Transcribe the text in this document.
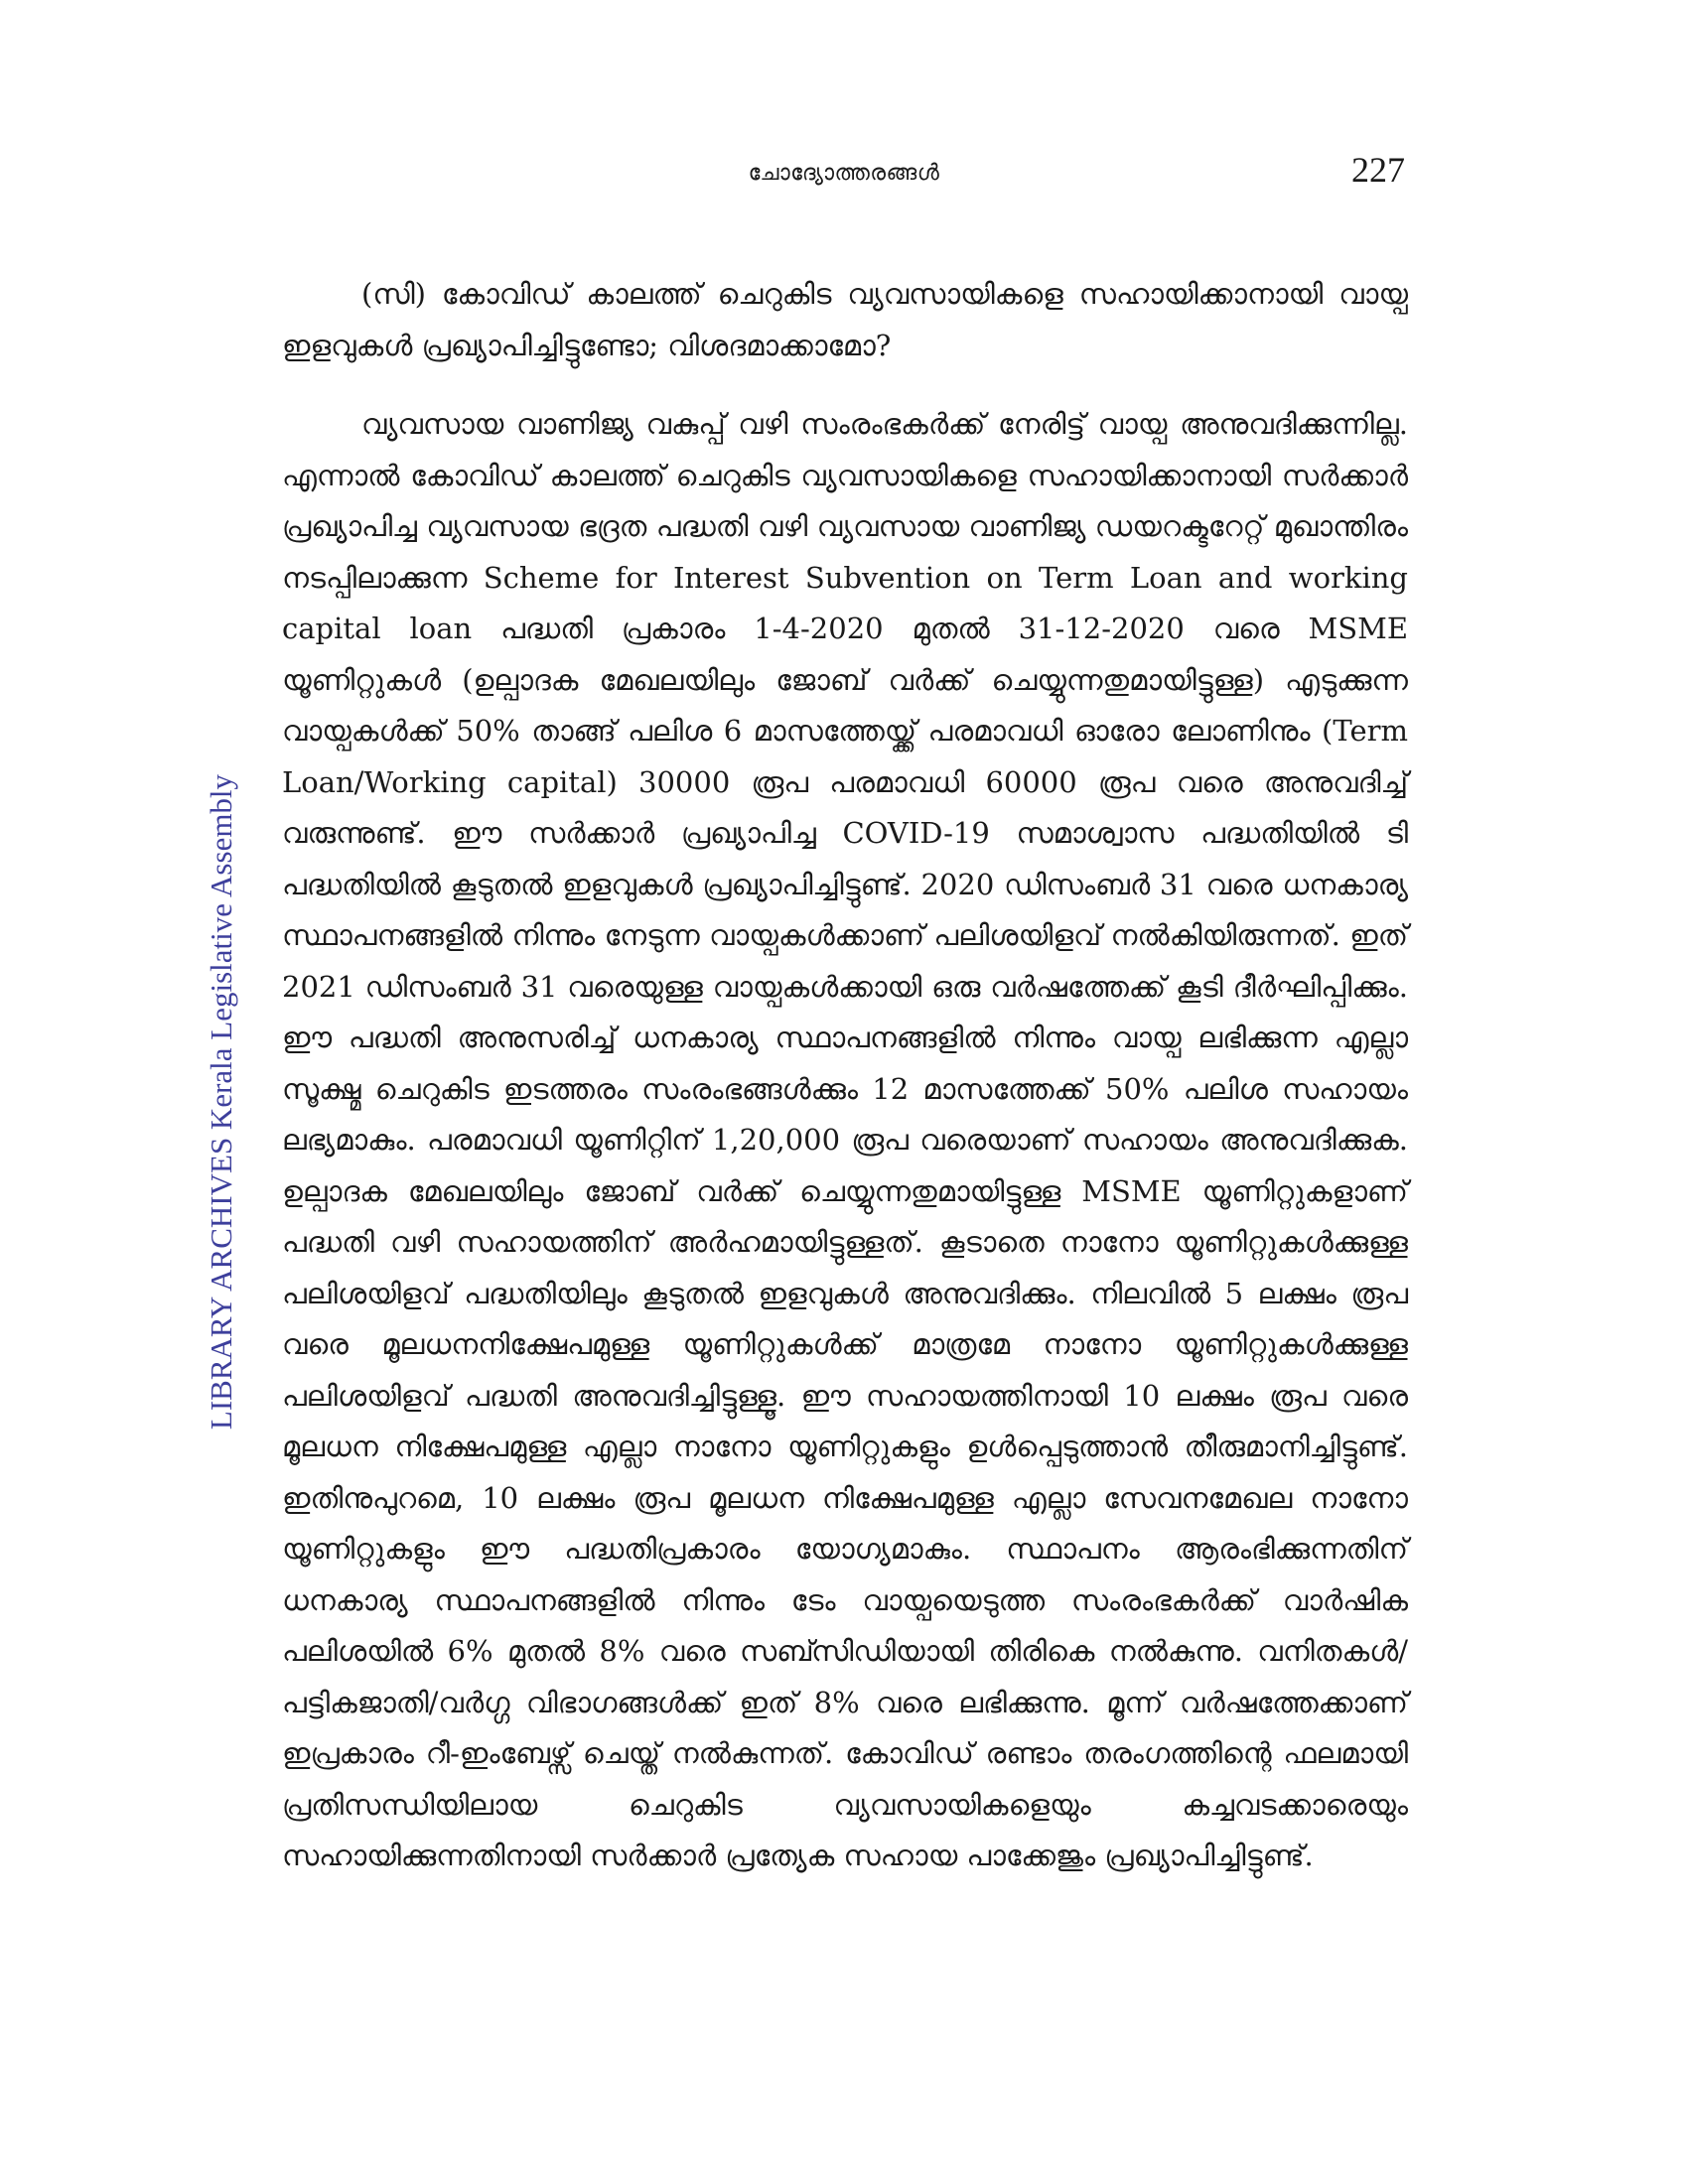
ചോദ്യോത്തരങ്ങൾ	227
LIBRARY ARCHIVES Kerala Legislative Assembly

(സി) കോവിഡ് കാലത്ത് ചെറുകിട വ്യവസായികളെ സഹായിക്കാനായി വായ്പ ഇളവുകൾ പ്രഖ്യാപിച്ചിട്ടുണ്ടോ; വിശദമാക്കാമോ?

വ്യവസായ വാണിജ്യ വകുപ്പ് വഴി സംരംഭകർക്ക് നേരിട്ട് വായ്പ അനുവദിക്കുന്നില്ല. എന്നാൽ കോവിഡ് കാലത്ത് ചെറുകിട വ്യവസായികളെ സഹായിക്കാനായി സർക്കാർ പ്രഖ്യാപിച്ച വ്യവസായ ഭദ്രത പദ്ധതി വഴി വ്യവസായ വാണിജ്യ ഡയറക്ടറേറ്റ് മുഖാന്തിരം നടപ്പിലാക്കുന്ന Scheme for Interest Subvention on Term Loan and working capital loan പദ്ധതി പ്രകാരം 1-4-2020 മുതൽ 31-12-2020 വരെ MSME യൂണിറ്റുകൾ (ഉല്പാദക മേഖലയിലും ജോബ് വർക്ക് ചെയ്യുന്നതുമായിട്ടുള്ള) എടുക്കുന്ന വായ്പകൾക്ക് 50% താങ്ങ് പലിശ 6 മാസത്തേയ്ക്ക് പരമാവധി ഓരോ ലോണിനും (Term Loan/Working capital) 30000 രൂപ പരമാവധി 60000 രൂപ വരെ അനുവദിച്ച് വരുന്നുണ്ട്. ഈ സർക്കാർ പ്രഖ്യാപിച്ച COVID-19 സമാശ്വാസ പദ്ധതിയിൽ ടി പദ്ധതിയിൽ കൂടുതൽ ഇളവുകൾ പ്രഖ്യാപിച്ചിട്ടുണ്ട്. 2020 ഡിസംബർ 31 വരെ ധനകാര്യ സ്ഥാപനങ്ങളിൽ നിന്നും നേടുന്ന വായ്പകൾക്കാണ് പലിശയിളവ് നൽകിയിരുന്നത്. ഇത് 2021 ഡിസംബർ 31 വരെയുള്ള വായ്പകൾക്കായി ഒരു വർഷത്തേക്ക് കൂടി ദീർഘിപ്പിക്കും. ഈ പദ്ധതി അനുസരിച്ച് ധനകാര്യ സ്ഥാപനങ്ങളിൽ നിന്നും വായ്പ ലഭിക്കുന്ന എല്ലാ സൂക്ഷ്മ ചെറുകിട ഇടത്തരം സംരംഭങ്ങൾക്കും 12 മാസത്തേക്ക് 50% പലിശ സഹായം ലഭ്യമാകും. പരമാവധി യൂണിറ്റിന് 1,20,000 രൂപ വരെയാണ് സഹായം അനുവദിക്കുക. ഉല്പാദക മേഖലയിലും ജോബ് വർക്ക് ചെയ്യുന്നതുമായിട്ടുള്ള MSME യൂണിറ്റുകളാണ് പദ്ധതി വഴി സഹായത്തിന് അർഹമായിട്ടുള്ളത്. കൂടാതെ നാനോ യൂണിറ്റുകൾക്കുള്ള പലിശയിളവ് പദ്ധതിയിലും കൂടുതൽ ഇളവുകൾ അനുവദിക്കും. നിലവിൽ 5 ലക്ഷം രൂപ വരെ മൂലധനനിക്ഷേപമുള്ള യൂണിറ്റുകൾക്ക് മാത്രമേ നാനോ യൂണിറ്റുകൾക്കുള്ള പലിശയിളവ് പദ്ധതി അനുവദിച്ചിട്ടുള്ളൂ. ഈ സഹായത്തിനായി 10 ലക്ഷം രൂപ വരെ മൂലധന നിക്ഷേപമുള്ള എല്ലാ നാനോ യൂണിറ്റുകളും ഉൾപ്പെടുത്താൻ തീരുമാനിച്ചിട്ടുണ്ട്. ഇതിനുപുറമെ, 10 ലക്ഷം രൂപ മൂലധന നിക്ഷേപമുള്ള എല്ലാ സേവനമേഖല നാനോ യൂണിറ്റുകളും ഈ പദ്ധതിപ്രകാരം യോഗ്യമാകും. സ്ഥാപനം ആരംഭിക്കുന്നതിന് ധനകാര്യ സ്ഥാപനങ്ങളിൽ നിന്നും ടേം വായ്പയെടുത്ത സംരംഭകർക്ക് വാർഷിക പലിശയിൽ 6% മുതൽ 8% വരെ സബ്സിഡിയായി തിരികെ നൽകുന്നു. വനിതകൾ/പട്ടികജാതി/വർഗ്ഗ വിഭാഗങ്ങൾക്ക് ഇത് 8% വരെ ലഭിക്കുന്നു. മൂന്ന് വർഷത്തേക്കാണ് ഇപ്രകാരം റീ-ഇംബേഴ്സ് ചെയ്ത് നൽകുന്നത്. കോവിഡ് രണ്ടാം തരംഗത്തിന്റെ ഫലമായി പ്രതിസന്ധിയിലായ ചെറുകിട വ്യവസായികളെയും കച്ചവടക്കാരെയും സഹായിക്കുന്നതിനായി സർക്കാർ പ്രത്യേക സഹായ പാക്കേജും പ്രഖ്യാപിച്ചിട്ടുണ്ട്.
